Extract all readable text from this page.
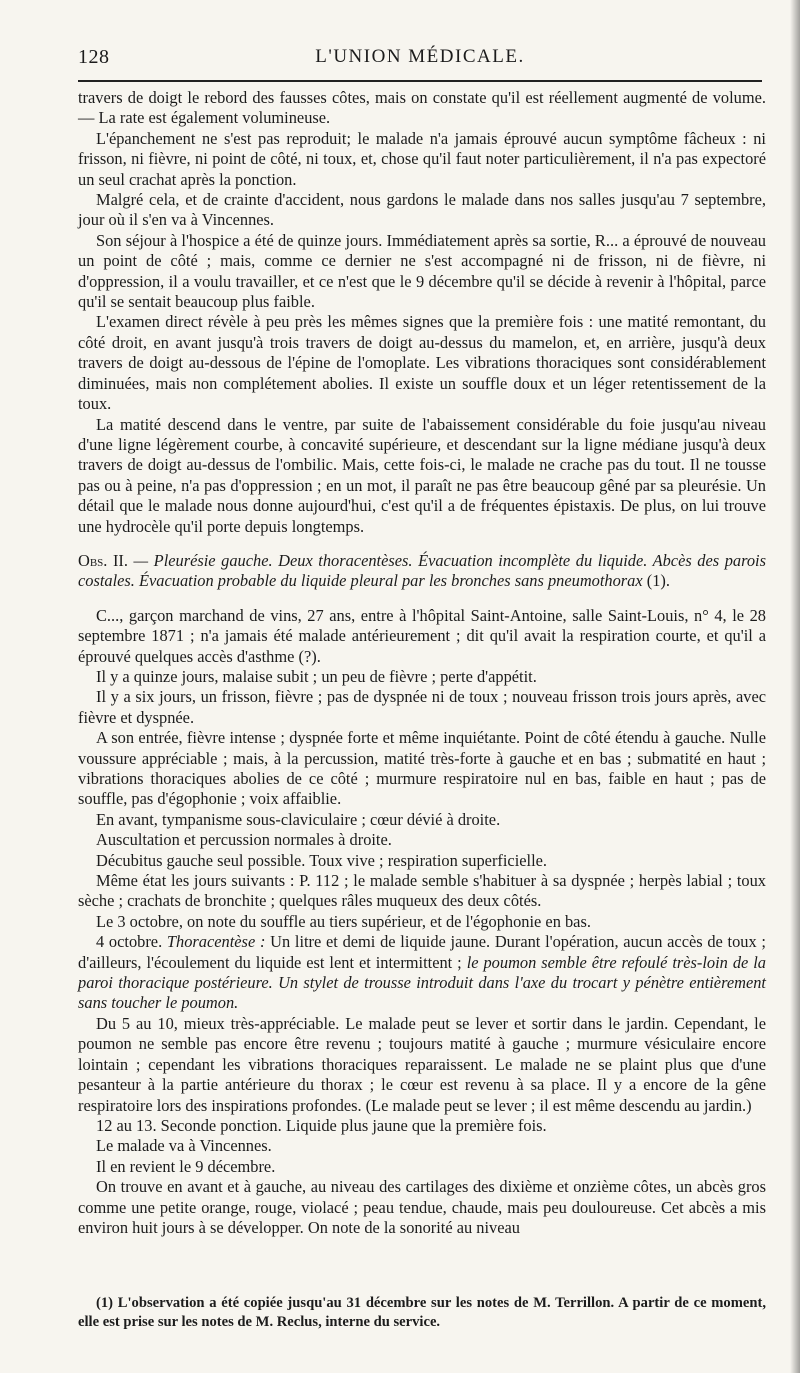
128	L'UNION MÉDICALE.

travers de doigt le rebord des fausses côtes, mais on constate qu'il est réellement augmenté de volume. — La rate est également volumineuse.

L'épanchement ne s'est pas reproduit; le malade n'a jamais éprouvé aucun symptôme fâcheux : ni frisson, ni fièvre, ni point de côté, ni toux, et, chose qu'il faut noter particulièrement, il n'a pas expectoré un seul crachat après la ponction.

Malgré cela, et de crainte d'accident, nous gardons le malade dans nos salles jusqu'au 7 septembre, jour où il s'en va à Vincennes.

Son séjour à l'hospice a été de quinze jours. Immédiatement après sa sortie, R... a éprouvé de nouveau un point de côté ; mais, comme ce dernier ne s'est accompagné ni de frisson, ni de fièvre, ni d'oppression, il a voulu travailler, et ce n'est que le 9 décembre qu'il se décide à revenir à l'hôpital, parce qu'il se sentait beaucoup plus faible.

L'examen direct révèle à peu près les mêmes signes que la première fois : une matité remontant, du côté droit, en avant jusqu'à trois travers de doigt au-dessus du mamelon, et, en arrière, jusqu'à deux travers de doigt au-dessous de l'épine de l'omoplate. Les vibrations thoraciques sont considérablement diminuées, mais non complétement abolies. Il existe un souffle doux et un léger retentissement de la toux.

La matité descend dans le ventre, par suite de l'abaissement considérable du foie jusqu'au niveau d'une ligne légèrement courbe, à concavité supérieure, et descendant sur la ligne médiane jusqu'à deux travers de doigt au-dessus de l'ombilic. Mais, cette fois-ci, le malade ne crache pas du tout. Il ne tousse pas ou à peine, n'a pas d'oppression ; en un mot, il paraît ne pas être beaucoup gêné par sa pleurésie. Un détail que le malade nous donne aujourd'hui, c'est qu'il a de fréquentes épistaxis. De plus, on lui trouve une hydrocèle qu'il porte depuis longtemps.

Obs. II. — Pleurésie gauche. Deux thoracentèses. Évacuation incomplète du liquide. Abcès des parois costales. Évacuation probable du liquide pleural par les bronches sans pneumothorax (1).

C..., garçon marchand de vins, 27 ans, entre à l'hôpital Saint-Antoine, salle Saint-Louis, n° 4, le 28 septembre 1871 ; n'a jamais été malade antérieurement ; dit qu'il avait la respiration courte, et qu'il a éprouvé quelques accès d'asthme (?).

Il y a quinze jours, malaise subit ; un peu de fièvre ; perte d'appétit.

Il y a six jours, un frisson, fièvre ; pas de dyspnée ni de toux ; nouveau frisson trois jours après, avec fièvre et dyspnée.

A son entrée, fièvre intense ; dyspnée forte et même inquiétante. Point de côté étendu à gauche. Nulle voussure appréciable ; mais, à la percussion, matité très-forte à gauche et en bas ; submatité en haut ; vibrations thoraciques abolies de ce côté ; murmure respiratoire nul en bas, faible en haut ; pas de souffle, pas d'égophonie ; voix affaiblie.

En avant, tympanisme sous-claviculaire ; cœur dévié à droite.

Auscultation et percussion normales à droite.

Décubitus gauche seul possible. Toux vive ; respiration superficielle.

Même état les jours suivants : P. 112 ; le malade semble s'habituer à sa dyspnée ; herpès labial ; toux sèche ; crachats de bronchite ; quelques râles muqueux des deux côtés.

Le 3 octobre, on note du souffle au tiers supérieur, et de l'égophonie en bas.

4 octobre. Thoracentèse : Un litre et demi de liquide jaune. Durant l'opération, aucun accès de toux ; d'ailleurs, l'écoulement du liquide est lent et intermittent ; le poumon semble être refoulé très-loin de la paroi thoracique postérieure. Un stylet de trousse introduit dans l'axe du trocart y pénètre entièrement sans toucher le poumon.

Du 5 au 10, mieux très-appréciable. Le malade peut se lever et sortir dans le jardin. Cependant, le poumon ne semble pas encore être revenu ; toujours matité à gauche ; murmure vésiculaire encore lointain ; cependant les vibrations thoraciques reparaissent. Le malade ne se plaint plus que d'une pesanteur à la partie antérieure du thorax ; le cœur est revenu à sa place. Il y a encore de la gêne respiratoire lors des inspirations profondes. (Le malade peut se lever ; il est même descendu au jardin.)

12 au 13. Seconde ponction. Liquide plus jaune que la première fois.

Le malade va à Vincennes.

Il en revient le 9 décembre.

On trouve en avant et à gauche, au niveau des cartilages des dixième et onzième côtes, un abcès gros comme une petite orange, rouge, violacé ; peau tendue, chaude, mais peu douloureuse. Cet abcès a mis environ huit jours à se développer. On note de la sonorité au niveau

(1) L'observation a été copiée jusqu'au 31 décembre sur les notes de M. Terrillon. A partir de ce moment, elle est prise sur les notes de M. Reclus, interne du service.
